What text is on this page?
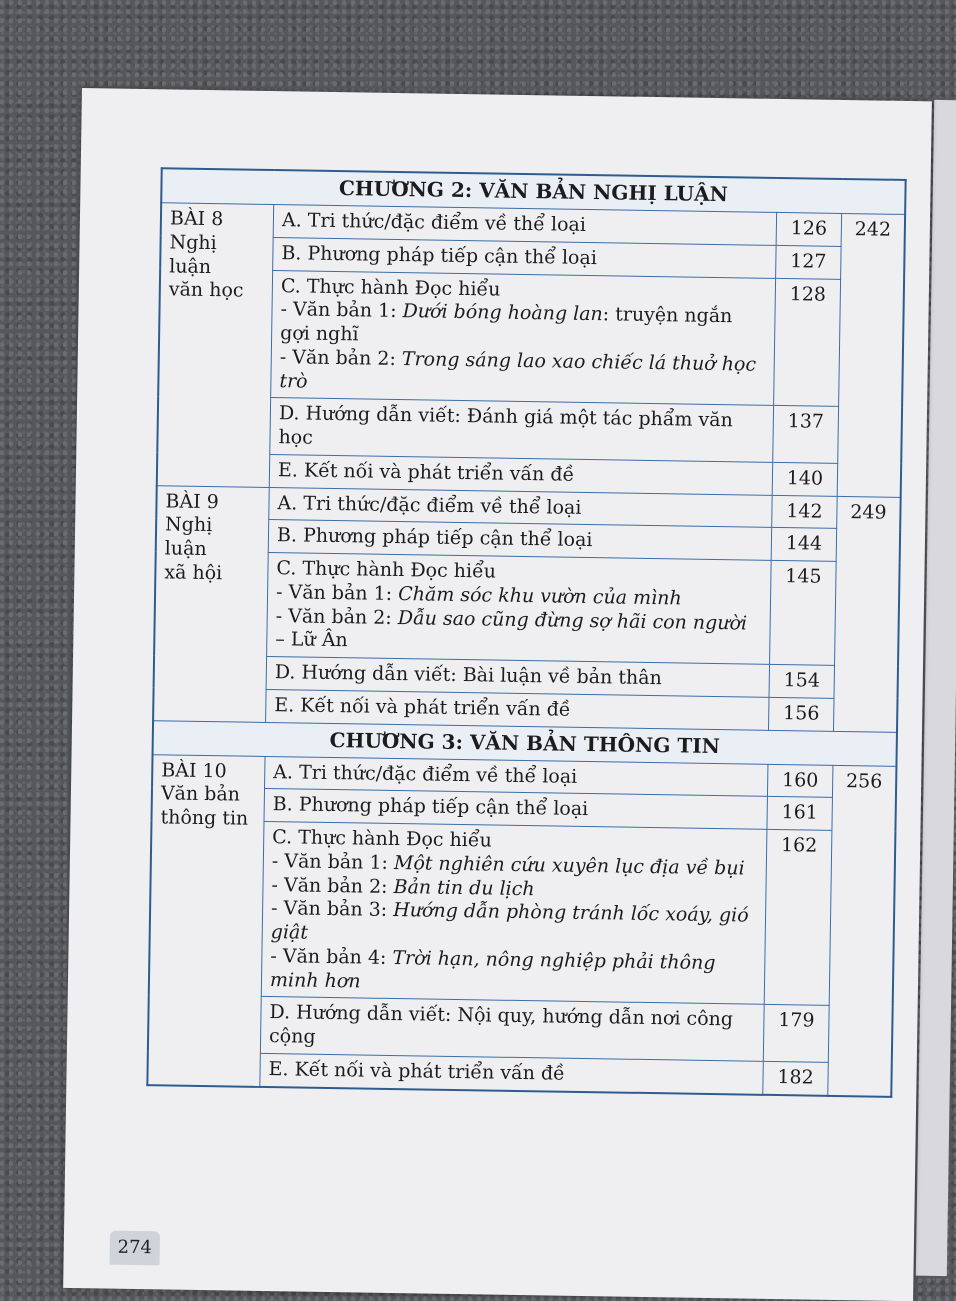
CHƯƠNG 2: VĂN BẢN NGHỊ LUẬN			

BÀI 8
Nghị luận
văn học	A. Tri thức/đặc điểm về thể loại	126	242
	B. Phương pháp tiếp cận thể loại	127	

	C. Thực hành Đọc hiểu
- Văn bản 1: Dưới bóng hoàng lan: truyện ngắn gợi nghĩ
- Văn bản 2: Trong sáng lao xao chiếc lá thuở học trò	128	
	D. Hướng dẫn viết: Đánh giá một tác phẩm văn học	137	
	E. Kết nối và phát triển vấn đề	140	

BÀI 9
Nghị luận
xã hội	A. Tri thức/đặc điểm về thể loại	142	249
	B. Phương pháp tiếp cận thể loại	144	

	C. Thực hành Đọc hiểu
- Văn bản 1: Chăm sóc khu vườn của mình
- Văn bản 2: Dẫu sao cũng đừng sợ hãi con người – Lữ Ân	145	
	D. Hướng dẫn viết: Bài luận về bản thân	154	
	E. Kết nối và phát triển vấn đề	156	
CHƯƠNG 3: VĂN BẢN THÔNG TIN			

BÀI 10
Văn bản
thông tin	A. Tri thức/đặc điểm về thể loại	160	256
	B. Phương pháp tiếp cận thể loại	161	

	C. Thực hành Đọc hiểu
- Văn bản 1: Một nghiên cứu xuyên lục địa về bụi
- Văn bản 2: Bản tin du lịch
- Văn bản 3: Hướng dẫn phòng tránh lốc xoáy, gió giật
- Văn bản 4: Trời hạn, nông nghiệp phải thông minh hơn	162	
	D. Hướng dẫn viết: Nội quy, hướng dẫn nơi công cộng	179	
	E. Kết nối và phát triển vấn đề	182	
274
